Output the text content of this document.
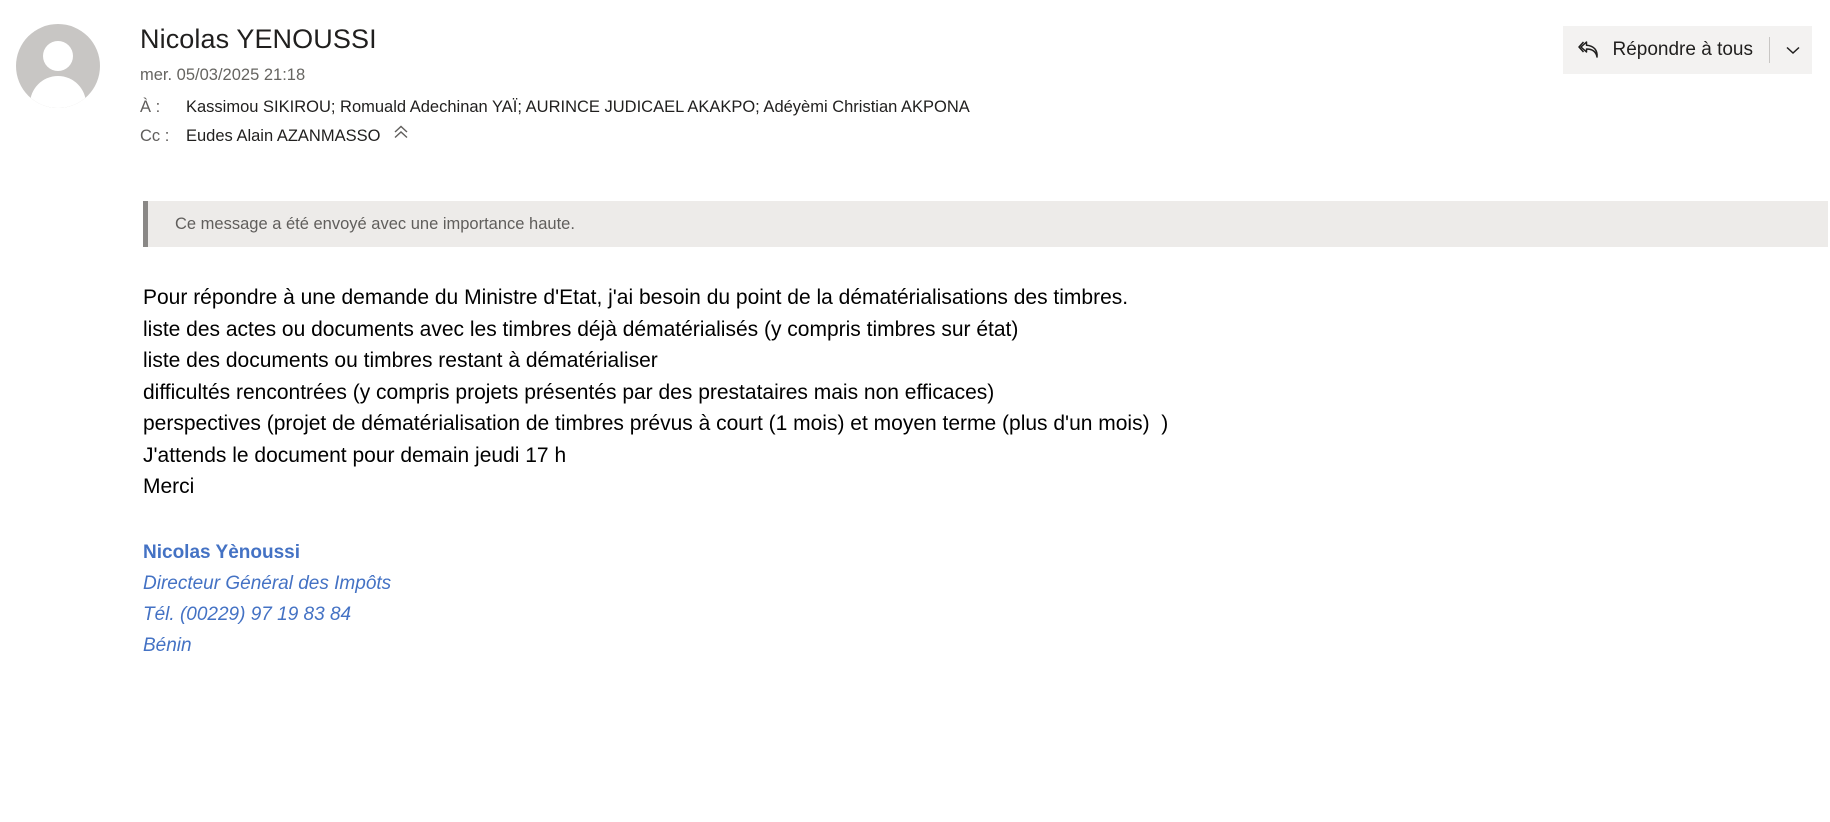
Nicolas YENOUSSI
mer. 05/03/2025 21:18
À :	Kassimou SIKIROU; Romuald Adechinan YAÏ; AURINCE JUDICAEL AKAKPO; Adéyèmi Christian AKPONA
Cc :	Eudes Alain AZANMASSO
Répondre à tous
Ce message a été envoyé avec une importance haute.
Pour répondre à une demande du Ministre d'Etat, j'ai besoin du point de la dématérialisations des timbres.
liste des actes ou documents avec les timbres déjà dématérialisés (y compris timbres sur état)
liste des documents ou timbres restant à dématérialiser
difficultés rencontrées (y compris projets présentés par des prestataires mais non efficaces)
perspectives (projet de dématérialisation de timbres prévus à court (1 mois) et moyen terme (plus d'un mois)  )
J'attends le document pour demain jeudi 17 h
Merci
Nicolas Yènoussi
Directeur Général des Impôts
Tél. (00229) 97 19 83 84
Bénin
